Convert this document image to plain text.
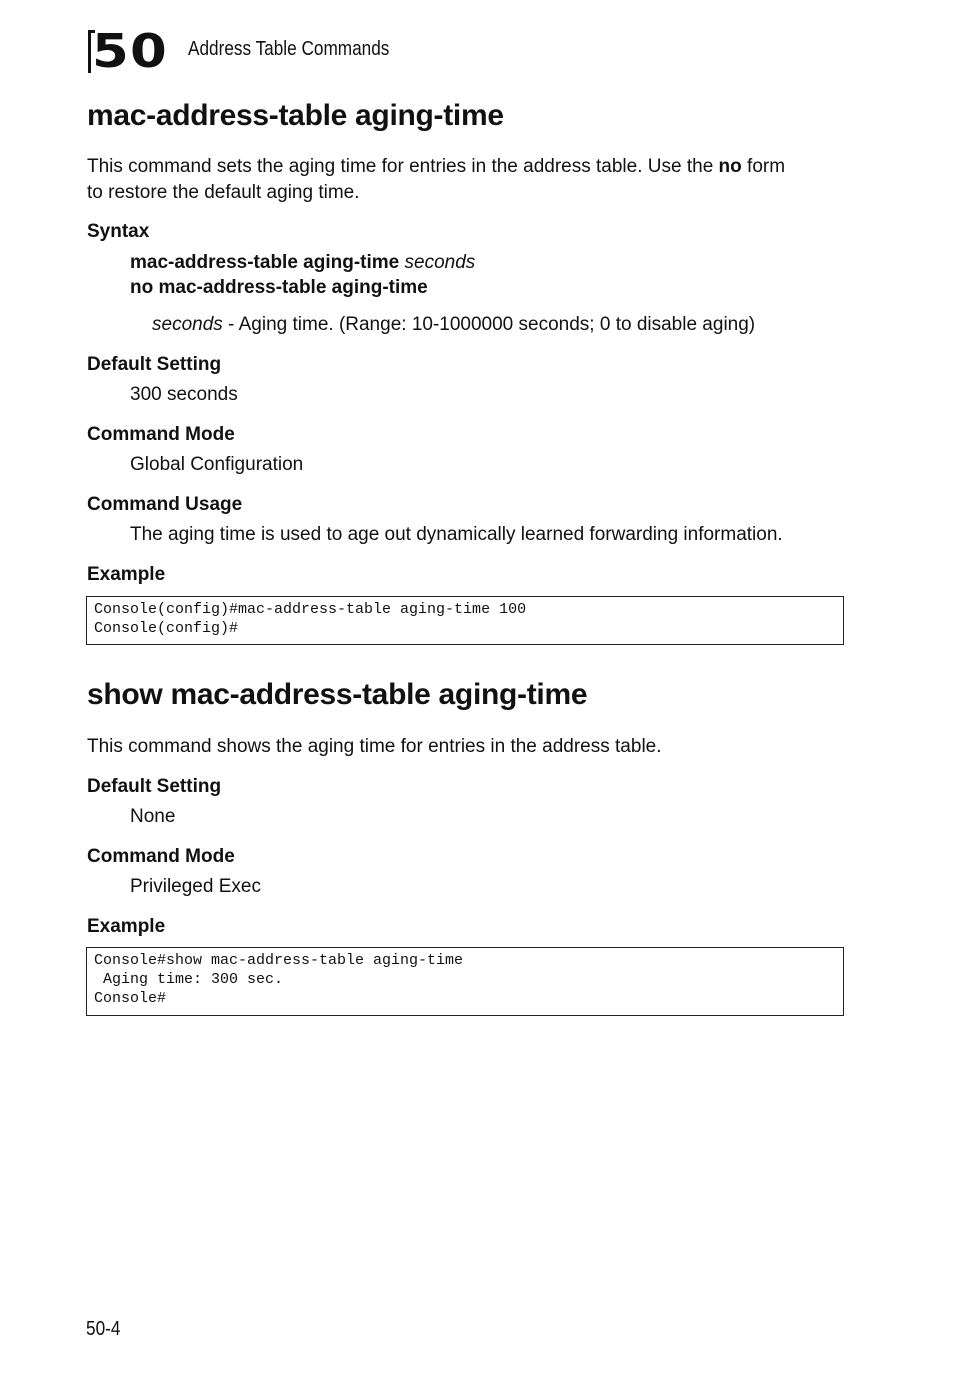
50 Address Table Commands
mac-address-table aging-time
This command sets the aging time for entries in the address table. Use the no form
to restore the default aging time.
Syntax
mac-address-table aging-time seconds
no mac-address-table aging-time
seconds - Aging time. (Range: 10-1000000 seconds; 0 to disable aging)
Default Setting
300 seconds
Command Mode
Global Configuration
Command Usage
The aging time is used to age out dynamically learned forwarding information.
Example
Console(config)#mac-address-table aging-time 100
Console(config)#
show mac-address-table aging-time
This command shows the aging time for entries in the address table.
Default Setting
None
Command Mode
Privileged Exec
Example
Console#show mac-address-table aging-time
Aging time: 300 sec.
Console#
50-4
